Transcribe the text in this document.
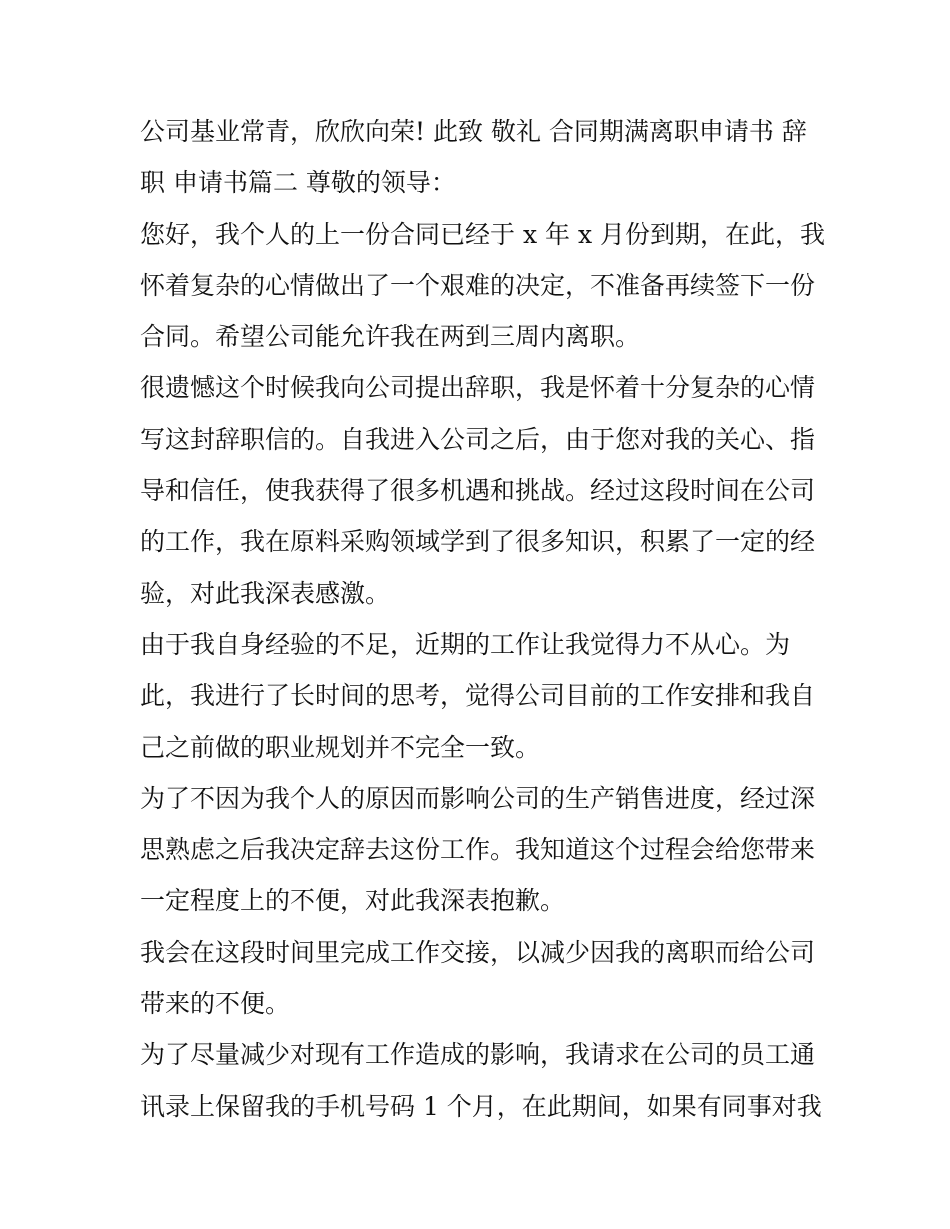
公司基业常青，欣欣向荣! 此致 敬礼 合同期满离职申请书 辞
职 申请书篇二 尊敬的领导：
您好，我个人的上一份合同已经于 x 年 x 月份到期，在此，我
怀着复杂的心情做出了一个艰难的决定，不准备再续签下一份
合同。希望公司能允许我在两到三周内离职。
很遗憾这个时候我向公司提出辞职，我是怀着十分复杂的心情
写这封辞职信的。自我进入公司之后，由于您对我的关心、指
导和信任，使我获得了很多机遇和挑战。经过这段时间在公司
的工作，我在原料采购领域学到了很多知识，积累了一定的经
验，对此我深表感激。
由于我自身经验的不足，近期的工作让我觉得力不从心。为
此，我进行了长时间的思考，觉得公司目前的工作安排和我自
己之前做的职业规划并不完全一致。
为了不因为我个人的原因而影响公司的生产销售进度，经过深
思熟虑之后我决定辞去这份工作。我知道这个过程会给您带来
一定程度上的不便，对此我深表抱歉。
我会在这段时间里完成工作交接，以减少因我的离职而给公司
带来的不便。
为了尽量减少对现有工作造成的影响，我请求在公司的员工通
讯录上保留我的手机号码 1 个月，在此期间，如果有同事对我
